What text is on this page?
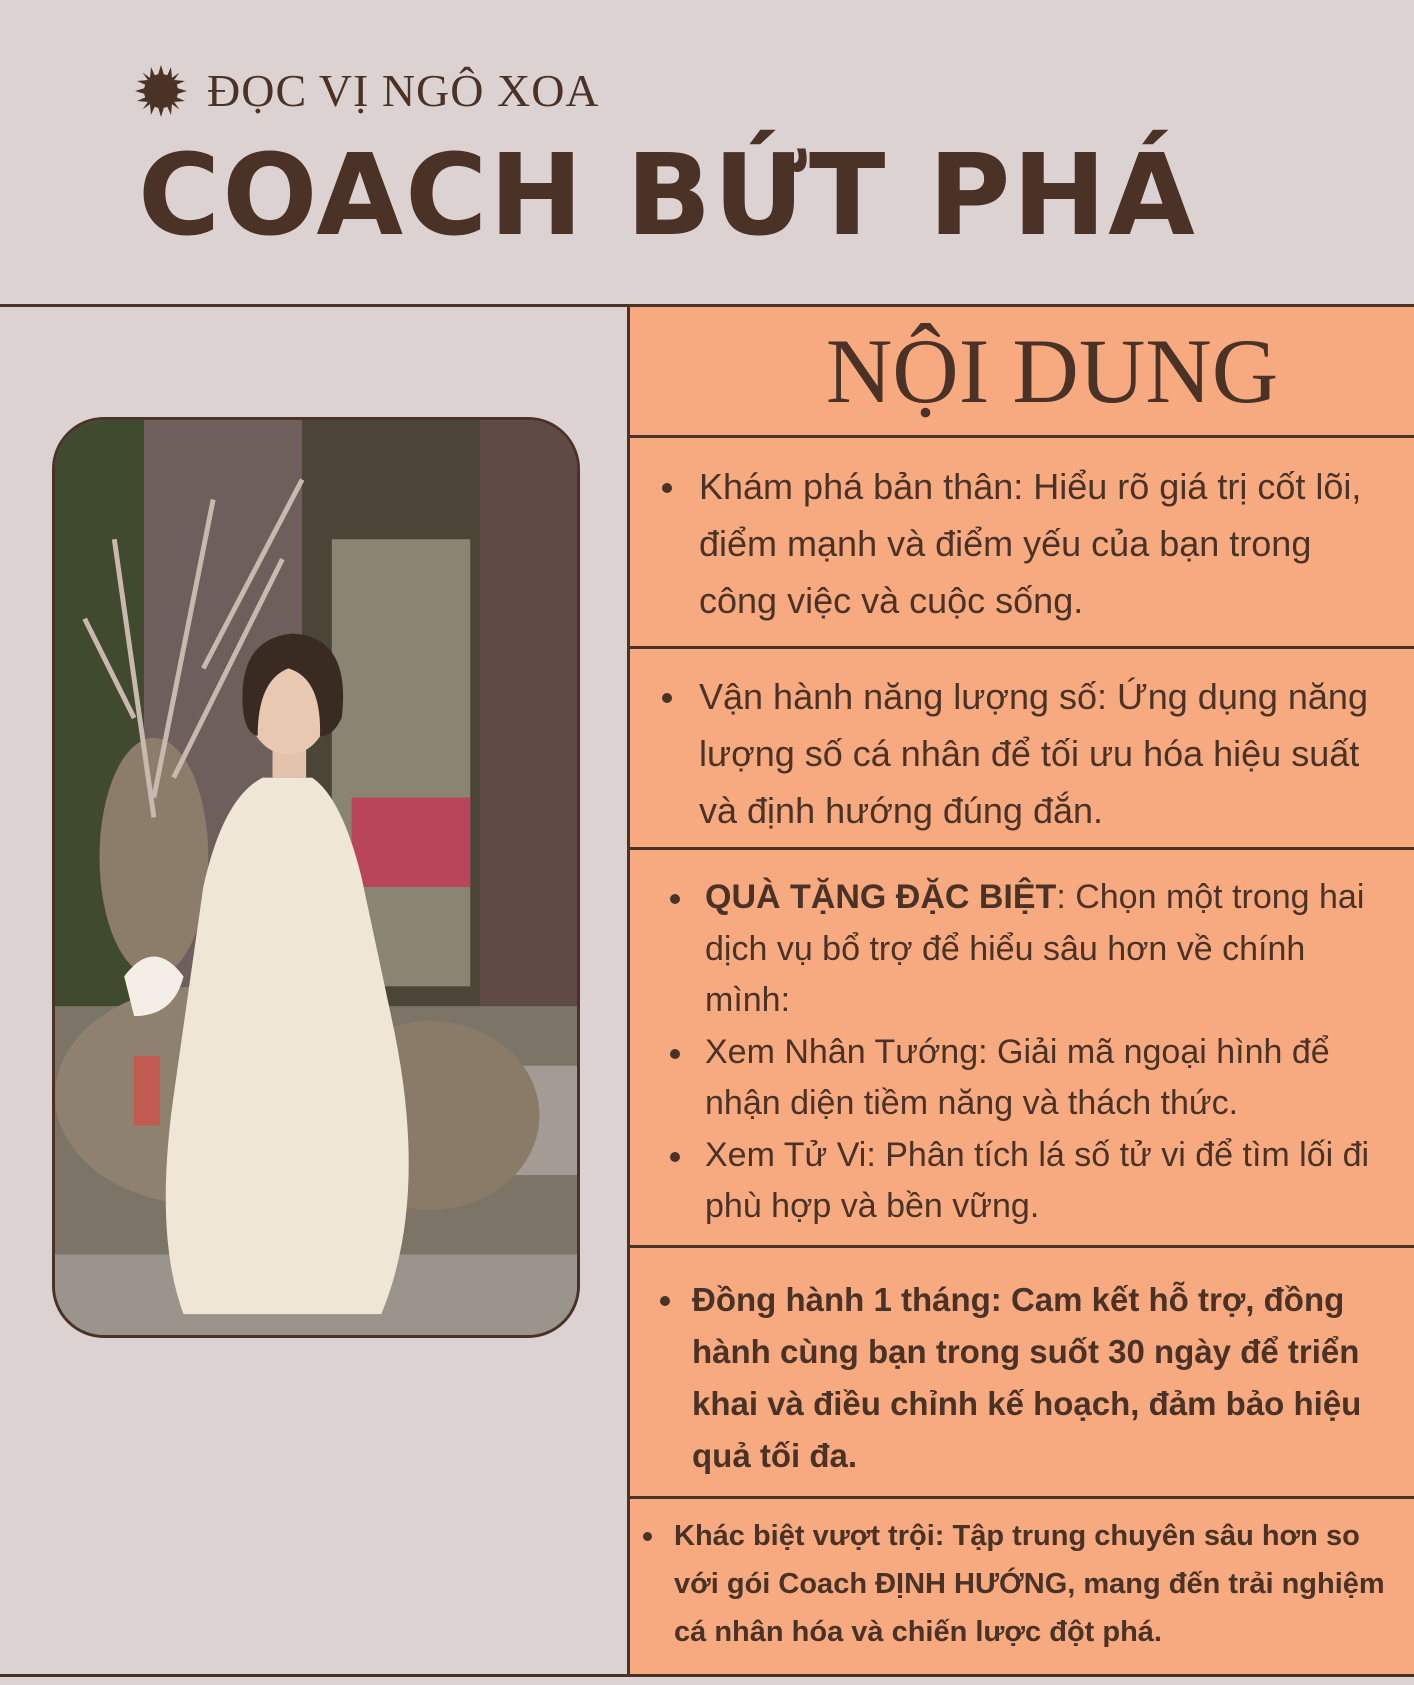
ĐỌC VỊ NGÔ XOA
COACH BỨT PHÁ
NỘI DUNG
Khám phá bản thân: Hiểu rõ giá trị cốt lõi, điểm mạnh và điểm yếu của bạn trong công việc và cuộc sống.
Vận hành năng lượng số: Ứng dụng năng lượng số cá nhân để tối ưu hóa hiệu suất và định hướng đúng đắn.
QUÀ TẶNG ĐẶC BIỆT: Chọn một trong hai dịch vụ bổ trợ để hiểu sâu hơn về chính mình:
Xem Nhân Tướng: Giải mã ngoại hình để nhận diện tiềm năng và thách thức.
Xem Tử Vi: Phân tích lá số tử vi để tìm lối đi phù hợp và bền vững.
Đồng hành 1 tháng: Cam kết hỗ trợ, đồng hành cùng bạn trong suốt 30 ngày để triển khai và điều chỉnh kế hoạch, đảm bảo hiệu quả tối đa.
Khác biệt vượt trội: Tập trung chuyên sâu hơn so với gói Coach ĐỊNH HƯỚNG, mang đến trải nghiệm cá nhân hóa và chiến lược đột phá.
